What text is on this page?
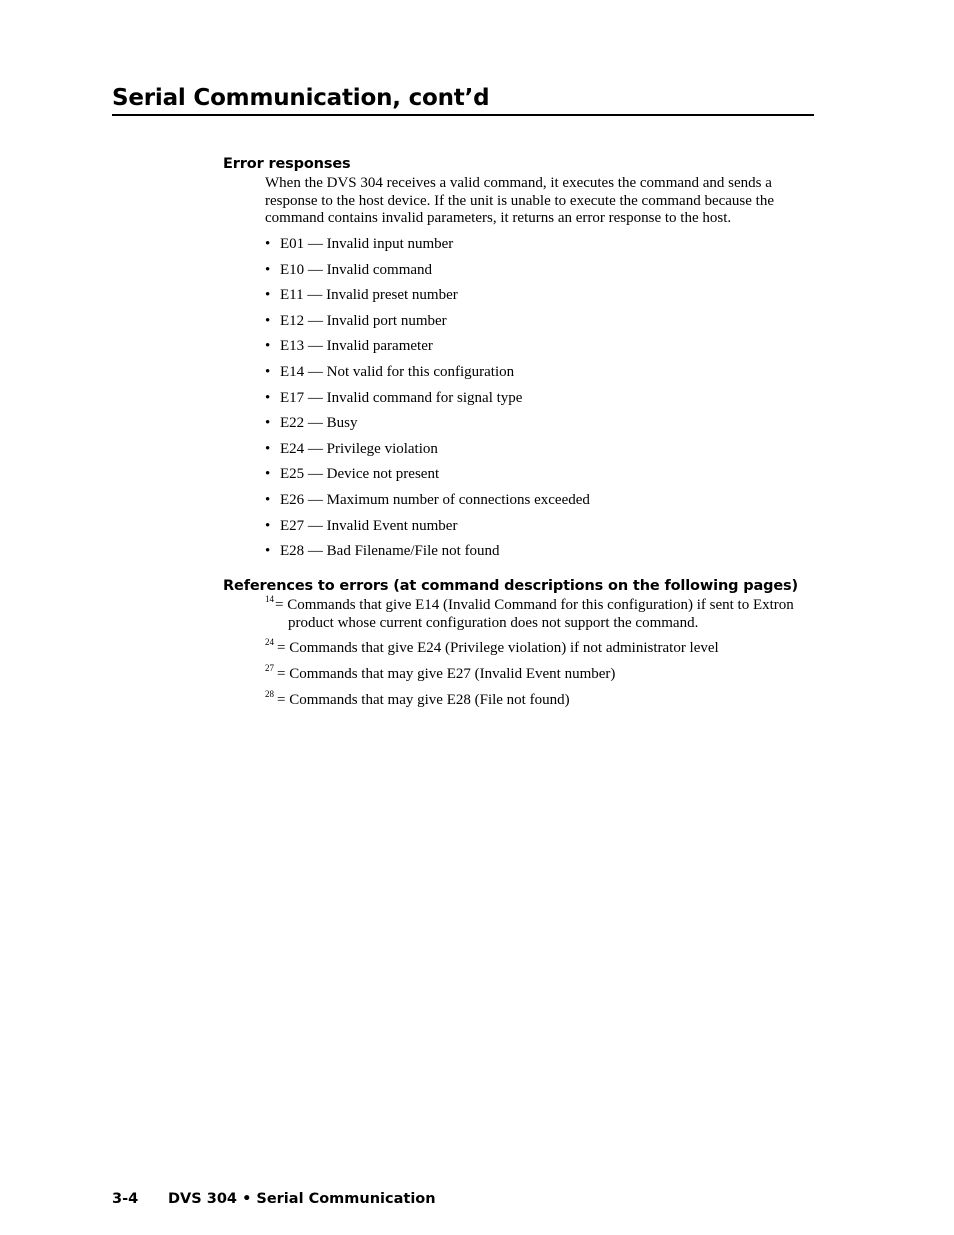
Serial Communication, cont’d
Error responses

When the DVS 304 receives a valid command, it executes the command and sends a response to the host device. If the unit is unable to execute the command because the command contains invalid parameters, it returns an error response to the host.

• E01 — Invalid input number
• E10 — Invalid command
• E11 — Invalid preset number
• E12 — Invalid port number
• E13 — Invalid parameter
• E14 — Not valid for this configuration
• E17 — Invalid command for signal type
• E22 — Busy
• E24 — Privilege violation
• E25 — Device not present
• E26 — Maximum number of connections exceeded
• E27 — Invalid Event number
• E28 — Bad Filename/File not found
References to errors (at command descriptions on the following pages)
14 = Commands that give E14 (Invalid Command for this configuration) if sent to Extron product whose current configuration does not support the command.
24 = Commands that give E24 (Privilege violation) if not administrator level
27 = Commands that may give E27 (Invalid Event number)
28 = Commands that may give E28 (File not found)
3-4 DVS 304 • Serial Communication
